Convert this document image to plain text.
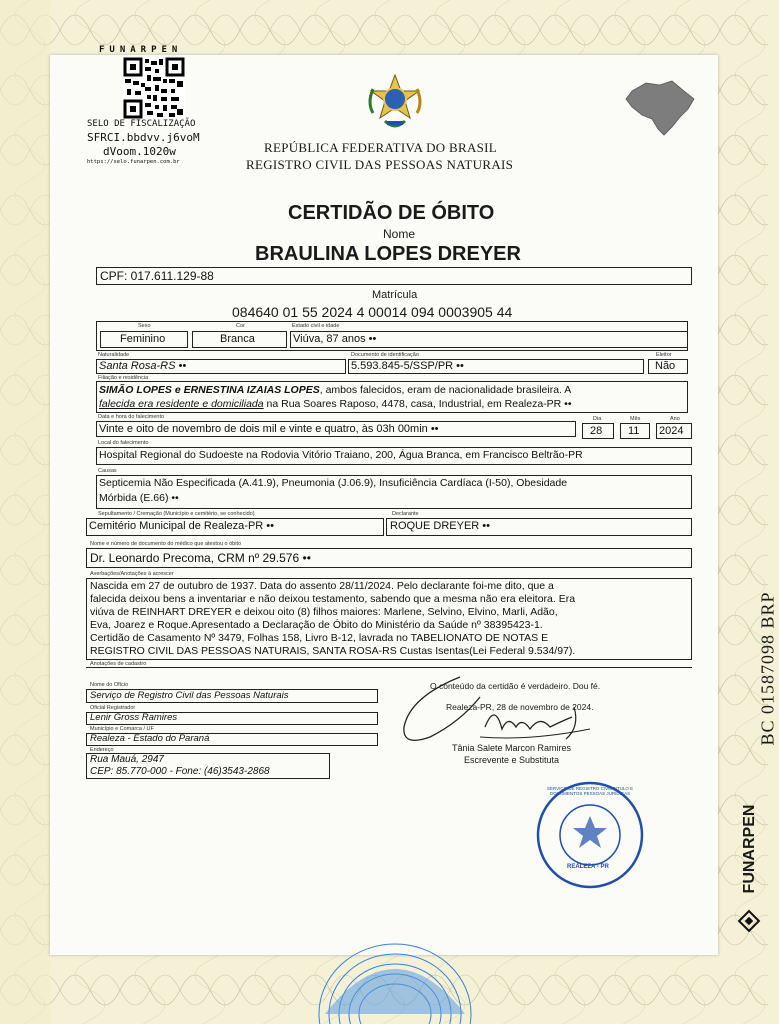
FUNARPEN
SELO DE FISCALIZAÇÃO
SFRCI.bbdvv.j6voM
dVoom.1020w
https://selo.funarpen.com.br
REPÚBLICA FEDERATIVA DO BRASIL
REGISTRO CIVIL DAS PESSOAS NATURAIS
CERTIDÃO DE ÓBITO
Nome
BRAULINA LOPES DREYER
CPF: 017.611.129-88
Matrícula
084640 01 55 2024 4 00014 094 0003905 44
Sexo
Feminino
Cor
Branca
Estado civil e idade
Viúva, 87 anos ••
Naturalidade
Santa Rosa-RS ••
Documento de identificação
5.593.845-5/SSP/PR ••
Eleitor
Não
Filiação e residência
SIMÃO LOPES e ERNESTINA IZAIAS LOPES, ambos falecidos, eram de nacionalidade brasileira. A
falecida era residente e domiciliada na Rua Soares Raposo, 4478, casa, Industrial, em Realeza-PR ••
Data e hora do falecimento
Vinte e oito de novembro de dois mil e vinte e quatro, às 03h 00min ••
Dia
28
Mês
11
Ano
2024
Local do falecimento
Hospital Regional do Sudoeste na Rodovia Vitório Traiano, 200, Água Branca, em Francisco Beltrão-PR
Causas
Septicemia Não Especificada (A.41.9), Pneumonia (J.06.9), Insuficiência Cardíaca (I-50), Obesidade
Mórbida (E.66) ••
Sepultamento / Cremação (Município e cemitério, se conhecido)
Cemitério Municipal de Realeza-PR ••
Declarante
ROQUE DREYER ••
Nome e número de documento do médico que atestou o óbito
Dr. Leonardo Precoma, CRM nº 29.576 ••
Averbações/Anotações à acrescer
Nascida em 27 de outubro de 1937. Data do assento 28/11/2024. Pelo declarante foi-me dito, que a
falecida deixou bens a inventariar e não deixou testamento, sabendo que a mesma não era eleitora. Era
viúva de REINHART DREYER e deixou oito (8) filhos maiores: Marlene, Selvino, Elvino, Marli, Adão,
Eva, Joarez e Roque.Apresentado a Declaração de Óbito do Ministério da Saúde nº 38395423-1.
Certidão de Casamento Nº 3479, Folhas 158, Livro B-12, lavrada no TABELIONATO DE NOTAS E
REGISTRO CIVIL DAS PESSOAS NATURAIS, SANTA ROSA-RS Custas Isentas(Lei Federal 9.534/97).
Anotações de cadastro
Nome do Ofício
Serviço de Registro Civil das Pessoas Naturais
Oficial Registrador
Lenir Gross Ramires
Município e Comarca / UF
Realeza - Estado do Paraná
Endereço
Rua Mauá, 2947
CEP: 85.770-000 - Fone: (46)3543-2868
O conteúdo da certidão é verdadeiro. Dou fé.
Realeza-PR, 28 de novembro de 2024.
Tânia Salete Marcon Ramires
Escrevente e Substituta
SERVIÇO DE REGISTRO CIVIL TITULO E DOCUMENTOS PESSOAS JURÍDICAS
REALEZA - PR
BC 01587098 BRP
FUNARPEN
